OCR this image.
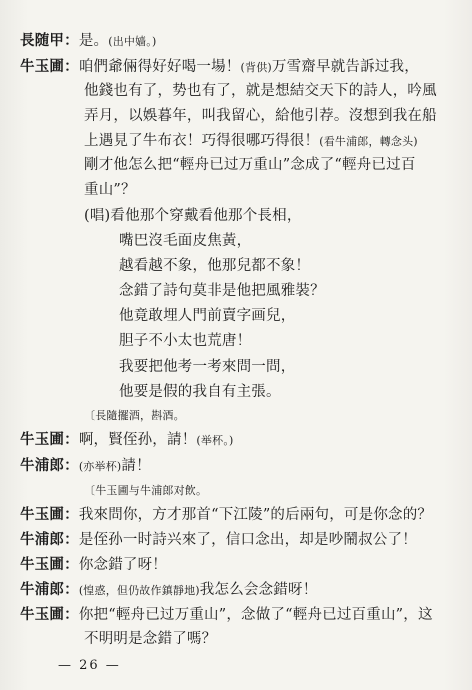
長随甲：是。(出中嫱。)
牛玉圃：咱們爺倆得好好喝一場！(背供)万雪齋早就告訴过我，
他錢也有了，势也有了，就是想結交天下的詩人，吟風
弄月，以娛暮年，叫我留心，給他引荐。沒想到我在船
上遇見了牛布衣！巧得很哪巧得很！(看牛浦郎，轉念头)
剛才他怎么把“輕舟已过万重山”念成了“輕舟已过百
重山”？
(唱)看他那个穿戴看他那个長相，
嘴巴沒毛面皮焦黃，
越看越不象，他那兒都不象！
念錯了詩句莫非是他把風雅裝？
他竟敢埋人門前賣字画兒，
胆子不小太也荒唐！
我要把他考一考來問一問，
他要是假的我自有主張。
〔長隨擺酒，斟酒。
牛玉圃：啊，賢侄孙，請！(举杯。)
牛浦郎：(亦举杯)請！
〔牛玉圃与牛浦郎对飲。
牛玉圃：我來問你，方才那首“下江陵”的后兩句，可是你念的？
牛浦郎：是侄孙一时詩兴來了，信口念出，却是吵鬧叔公了！
牛玉圃：你念錯了呀！
牛浦郎：(惶惑，但仍故作鎮靜地)我怎么会念錯呀！
牛玉圃：你把“輕舟已过万重山”，念做了“輕舟已过百重山”，这
不明明是念錯了嗎？
— 26 —
